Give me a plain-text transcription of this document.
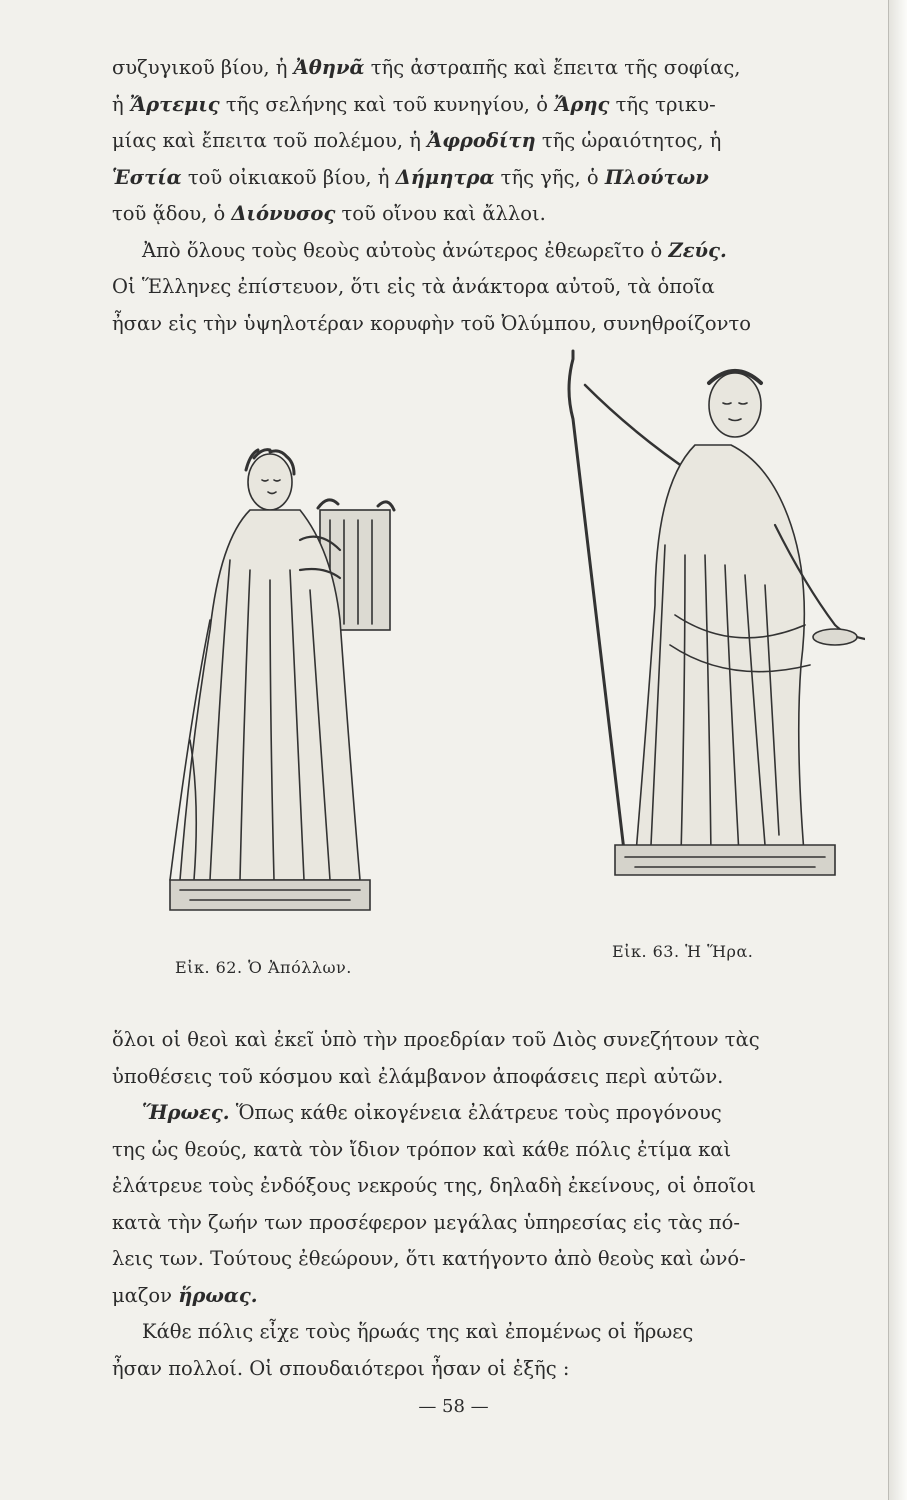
συζυγικοῦ βίου, ἡ Ἀθηνᾶ τῆς ἀστραπῆς καὶ ἔπειτα τῆς σοφίας,

ἡ Ἄρτεμις τῆς σελήνης καὶ τοῦ κυνηγίου, ὁ Ἄρης τῆς τρικυ-

μίας καὶ ἔπειτα τοῦ πολέμου, ἡ Ἀφροδίτη τῆς ὡραιότητος, ἡ

Ἑστία τοῦ οἰκιακοῦ βίου, ἡ Δήμητρα τῆς γῆς, ὁ Πλούτων

τοῦ ᾅδου, ὁ Διόνυσος τοῦ οἴνου καὶ ἄλλοι.

Ἀπὸ ὅλους τοὺς θεοὺς αὐτοὺς ἀνώτερος ἐθεωρεῖτο ὁ Ζεύς.

Οἱ Ἕλληνες ἐπίστευον, ὅτι εἰς τὰ ἀνάκτορα αὐτοῦ, τὰ ὁποῖα

ἦσαν εἰς τὴν ὑψηλοτέραν κορυφὴν τοῦ Ὀλύμπου, συνηθροίζοντο

Εἰκ. 62. Ὁ Ἀπόλλων.
Εἰκ. 63. Ἡ Ἥρα.

ὅλοι οἱ θεοὶ καὶ ἐκεῖ ὑπὸ τὴν προεδρίαν τοῦ Διὸς συνεζήτουν τὰς

ὑποθέσεις τοῦ κόσμου καὶ ἐλάμβανον ἀποφάσεις περὶ αὐτῶν.

Ἥρωες. Ὅπως κάθε οἰκογένεια ἐλάτρευε τοὺς προγόνους

της ὡς θεούς, κατὰ τὸν ἴδιον τρόπον καὶ κάθε πόλις ἐτίμα καὶ

ἐλάτρευε τοὺς ἐνδόξους νεκρούς της, δηλαδὴ ἐκείνους, οἱ ὁποῖοι

κατὰ τὴν ζωήν των προσέφερον μεγάλας ὑπηρεσίας εἰς τὰς πό-

λεις των. Τούτους ἐθεώρουν, ὅτι κατήγοντο ἀπὸ θεοὺς καὶ ὠνό-

μαζον ἥρωας.

Κάθε πόλις εἶχε τοὺς ἥρωάς της καὶ ἐπομένως οἱ ἥρωες

ἦσαν πολλοί. Οἱ σπουδαιότεροι ἦσαν οἱ ἑξῆς :

— 58 —
